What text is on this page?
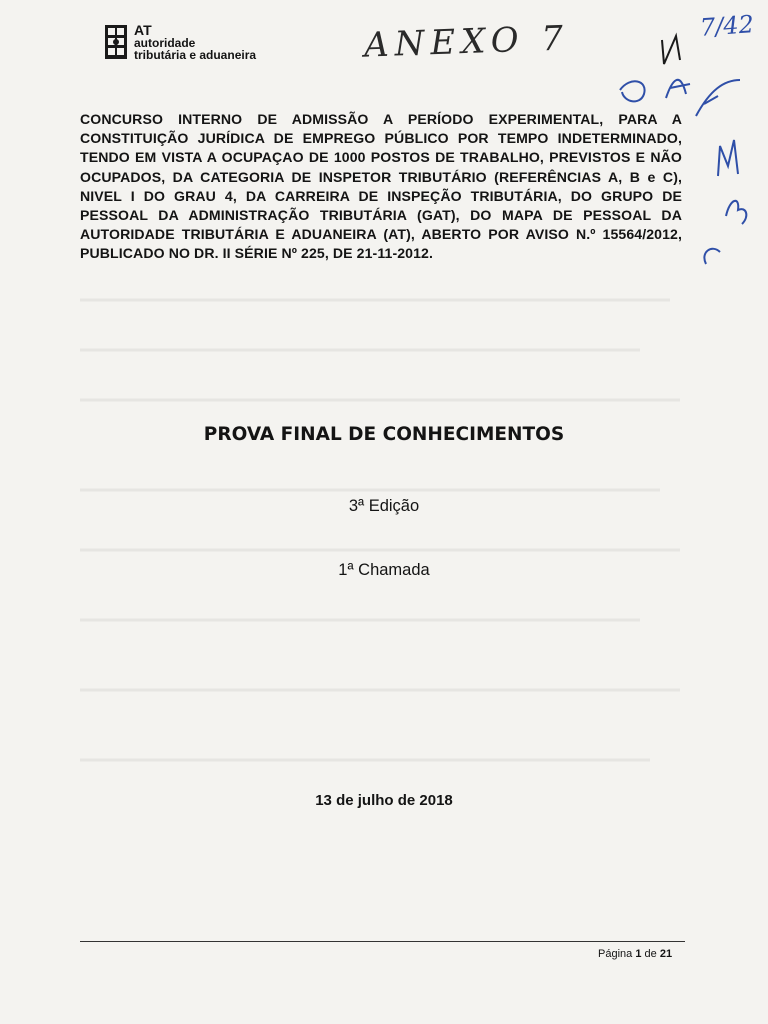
AT
autoridade
tributária e aduaneira	ANEXO 7	7/42
CONCURSO INTERNO DE ADMISSÃO A PERÍODO EXPERIMENTAL, PARA A CONSTITUIÇÃO JURÍDICA DE EMPREGO PÚBLICO POR TEMPO INDETERMINADO, TENDO EM VISTA A OCUPAÇAO DE 1000 POSTOS DE TRABALHO, PREVISTOS E NÃO OCUPADOS, DA CATEGORIA DE INSPETOR TRIBUTÁRIO (REFERÊNCIAS A, B e C), NIVEL I DO GRAU 4, DA CARREIRA DE INSPEÇÃO TRIBUTÁRIA, DO GRUPO DE PESSOAL DA ADMINISTRAÇÃO TRIBUTÁRIA (GAT), DO MAPA DE PESSOAL DA AUTORIDADE TRIBUTÁRIA E ADUANEIRA (AT), ABERTO POR AVISO N.º 15564/2012, PUBLICADO NO DR. II SÉRIE Nº 225, DE 21-11-2012.
PROVA FINAL DE CONHECIMENTOS
3ª Edição
1ª Chamada
13 de julho de 2018
Página 1 de 21
